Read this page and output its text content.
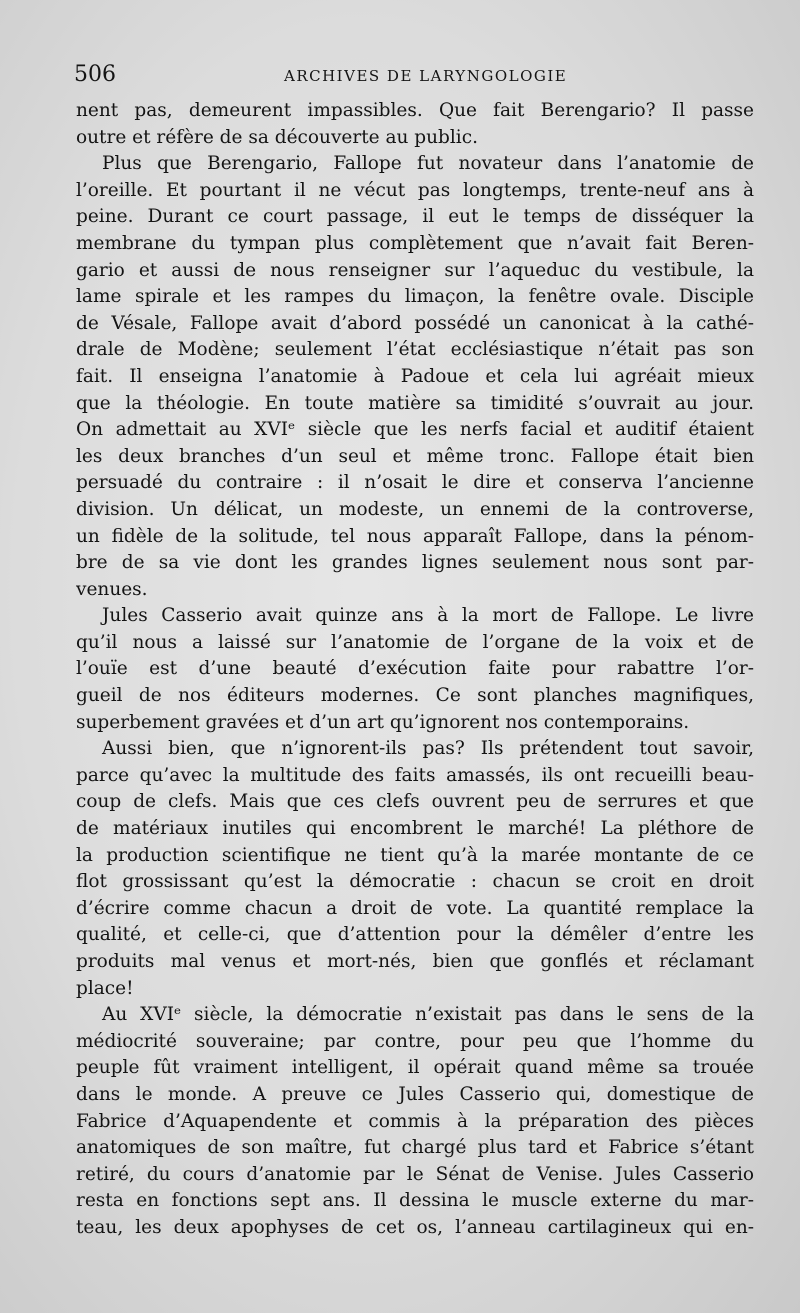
506	ARCHIVES DE LARYNGOLOGIE
nent pas, demeurent impassibles. Que fait Berengario? Il passe
outre et réfère de sa découverte au public.
Plus que Berengario, Fallope fut novateur dans l’anatomie de
l’oreille. Et pourtant il ne vécut pas longtemps, trente-neuf ans à
peine. Durant ce court passage, il eut le temps de disséquer la
membrane du tympan plus complètement que n’avait fait Beren-
gario et aussi de nous renseigner sur l’aqueduc du vestibule, la
lame spirale et les rampes du limaçon, la fenêtre ovale. Disciple
de Vésale, Fallope avait d’abord possédé un canonicat à la cathé-
drale de Modène; seulement l’état ecclésiastique n’était pas son
fait. Il enseigna l’anatomie à Padoue et cela lui agréait mieux
que la théologie. En toute matière sa timidité s’ouvrait au jour.
On admettait au XVIᵉ siècle que les nerfs facial et auditif étaient
les deux branches d’un seul et même tronc. Fallope était bien
persuadé du contraire : il n’osait le dire et conserva l’ancienne
division. Un délicat, un modeste, un ennemi de la controverse,
un fidèle de la solitude, tel nous apparaît Fallope, dans la pénom-
bre de sa vie dont les grandes lignes seulement nous sont par-
venues.
Jules Casserio avait quinze ans à la mort de Fallope. Le livre
qu’il nous a laissé sur l’anatomie de l’organe de la voix et de
l’ouïe est d’une beauté d’exécution faite pour rabattre l’or-
gueil de nos éditeurs modernes. Ce sont planches magnifiques,
superbement gravées et d’un art qu’ignorent nos contemporains.
Aussi bien, que n’ignorent-ils pas? Ils prétendent tout savoir,
parce qu’avec la multitude des faits amassés, ils ont recueilli beau-
coup de clefs. Mais que ces clefs ouvrent peu de serrures et que
de matériaux inutiles qui encombrent le marché! La pléthore de
la production scientifique ne tient qu’à la marée montante de ce
flot grossissant qu’est la démocratie : chacun se croit en droit
d’écrire comme chacun a droit de vote. La quantité remplace la
qualité, et celle-ci, que d’attention pour la démêler d’entre les
produits mal venus et mort-nés, bien que gonflés et réclamant
place!
Au XVIᵉ siècle, la démocratie n’existait pas dans le sens de la
médiocrité souveraine; par contre, pour peu que l’homme du
peuple fût vraiment intelligent, il opérait quand même sa trouée
dans le monde. A preuve ce Jules Casserio qui, domestique de
Fabrice d’Aquapendente et commis à la préparation des pièces
anatomiques de son maître, fut chargé plus tard et Fabrice s’étant
retiré, du cours d’anatomie par le Sénat de Venise. Jules Casserio
resta en fonctions sept ans. Il dessina le muscle externe du mar-
teau, les deux apophyses de cet os, l’anneau cartilagineux qui en-
